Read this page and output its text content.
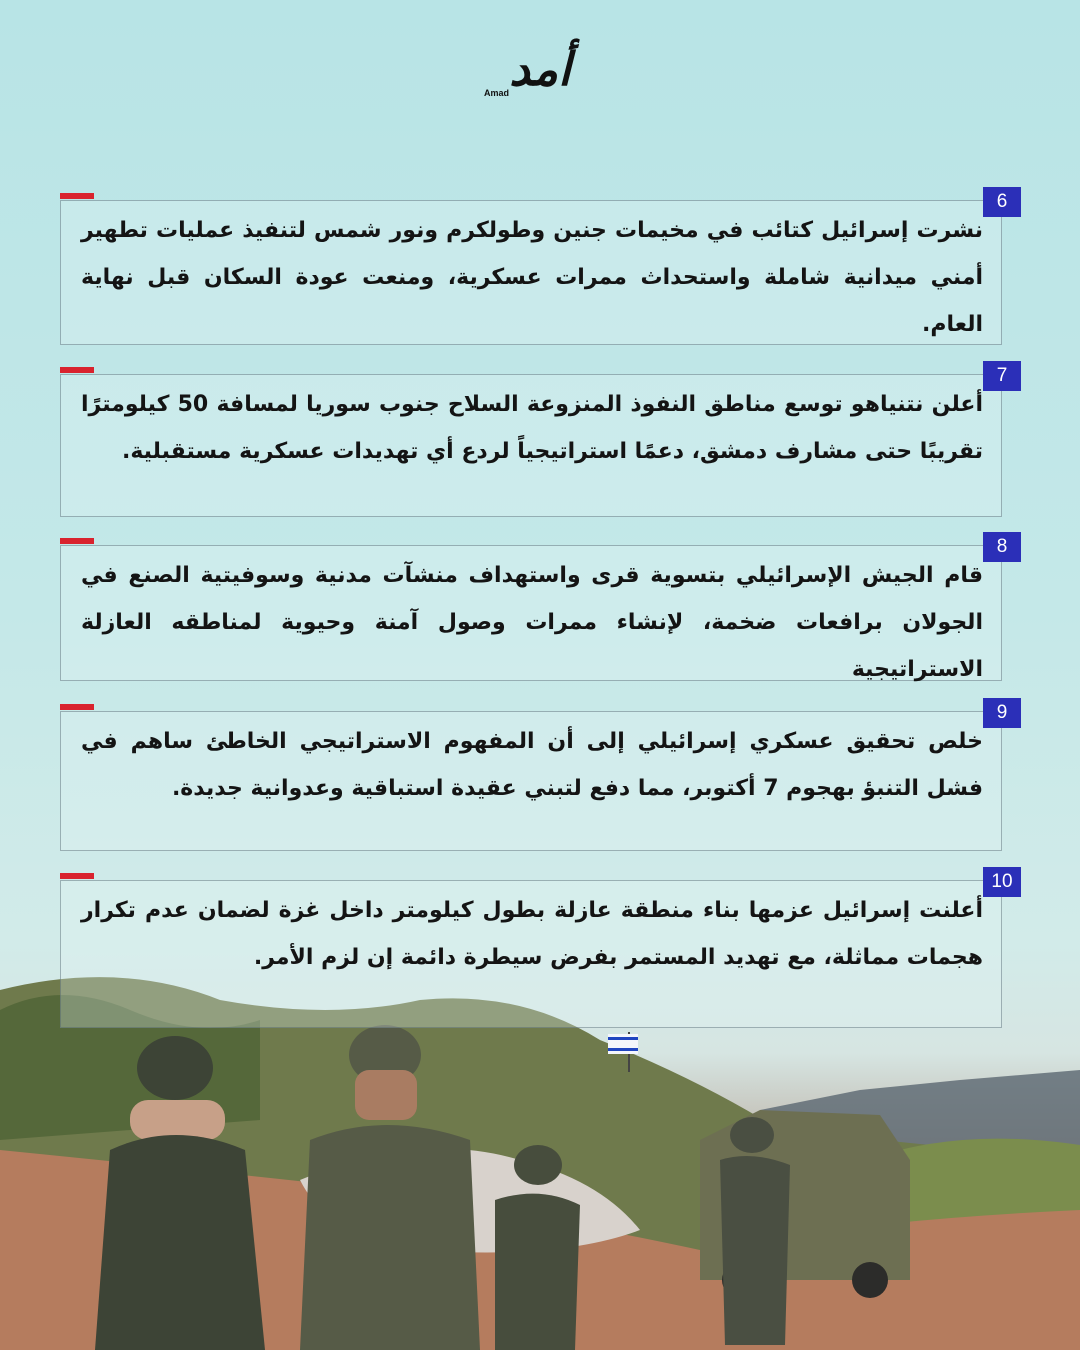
أمد
Amad
6

نشرت إسرائيل كتائب في مخيمات جنين وطولكرم ونور شمس لتنفيذ عمليات تطهير أمني ميدانية شاملة واستحداث ممرات عسكرية، ومنعت عودة السكان قبل نهاية العام.

7

أعلن نتنياهو توسع مناطق النفوذ المنزوعة السلاح جنوب سوريا لمسافة 50 كيلومترًا تقريبًا حتى مشارف دمشق، دعمًا استراتيجياً لردع أي تهديدات عسكرية مستقبلية.

8

قام الجيش الإسرائيلي بتسوية قرى واستهداف منشآت مدنية وسوفيتية الصنع في الجولان برافعات ضخمة، لإنشاء ممرات وصول آمنة وحيوية لمناطقه العازلة الاستراتيجية

9

خلص تحقيق عسكري إسرائيلي إلى أن المفهوم الاستراتيجي الخاطئ ساهم في فشل التنبؤ بهجوم 7 أكتوبر، مما دفع لتبني عقيدة استباقية وعدوانية جديدة.

10

أعلنت إسرائيل عزمها بناء منطقة عازلة بطول كيلومتر داخل غزة لضمان عدم تكرار هجمات مماثلة، مع تهديد المستمر بفرض سيطرة دائمة إن لزم الأمر.
